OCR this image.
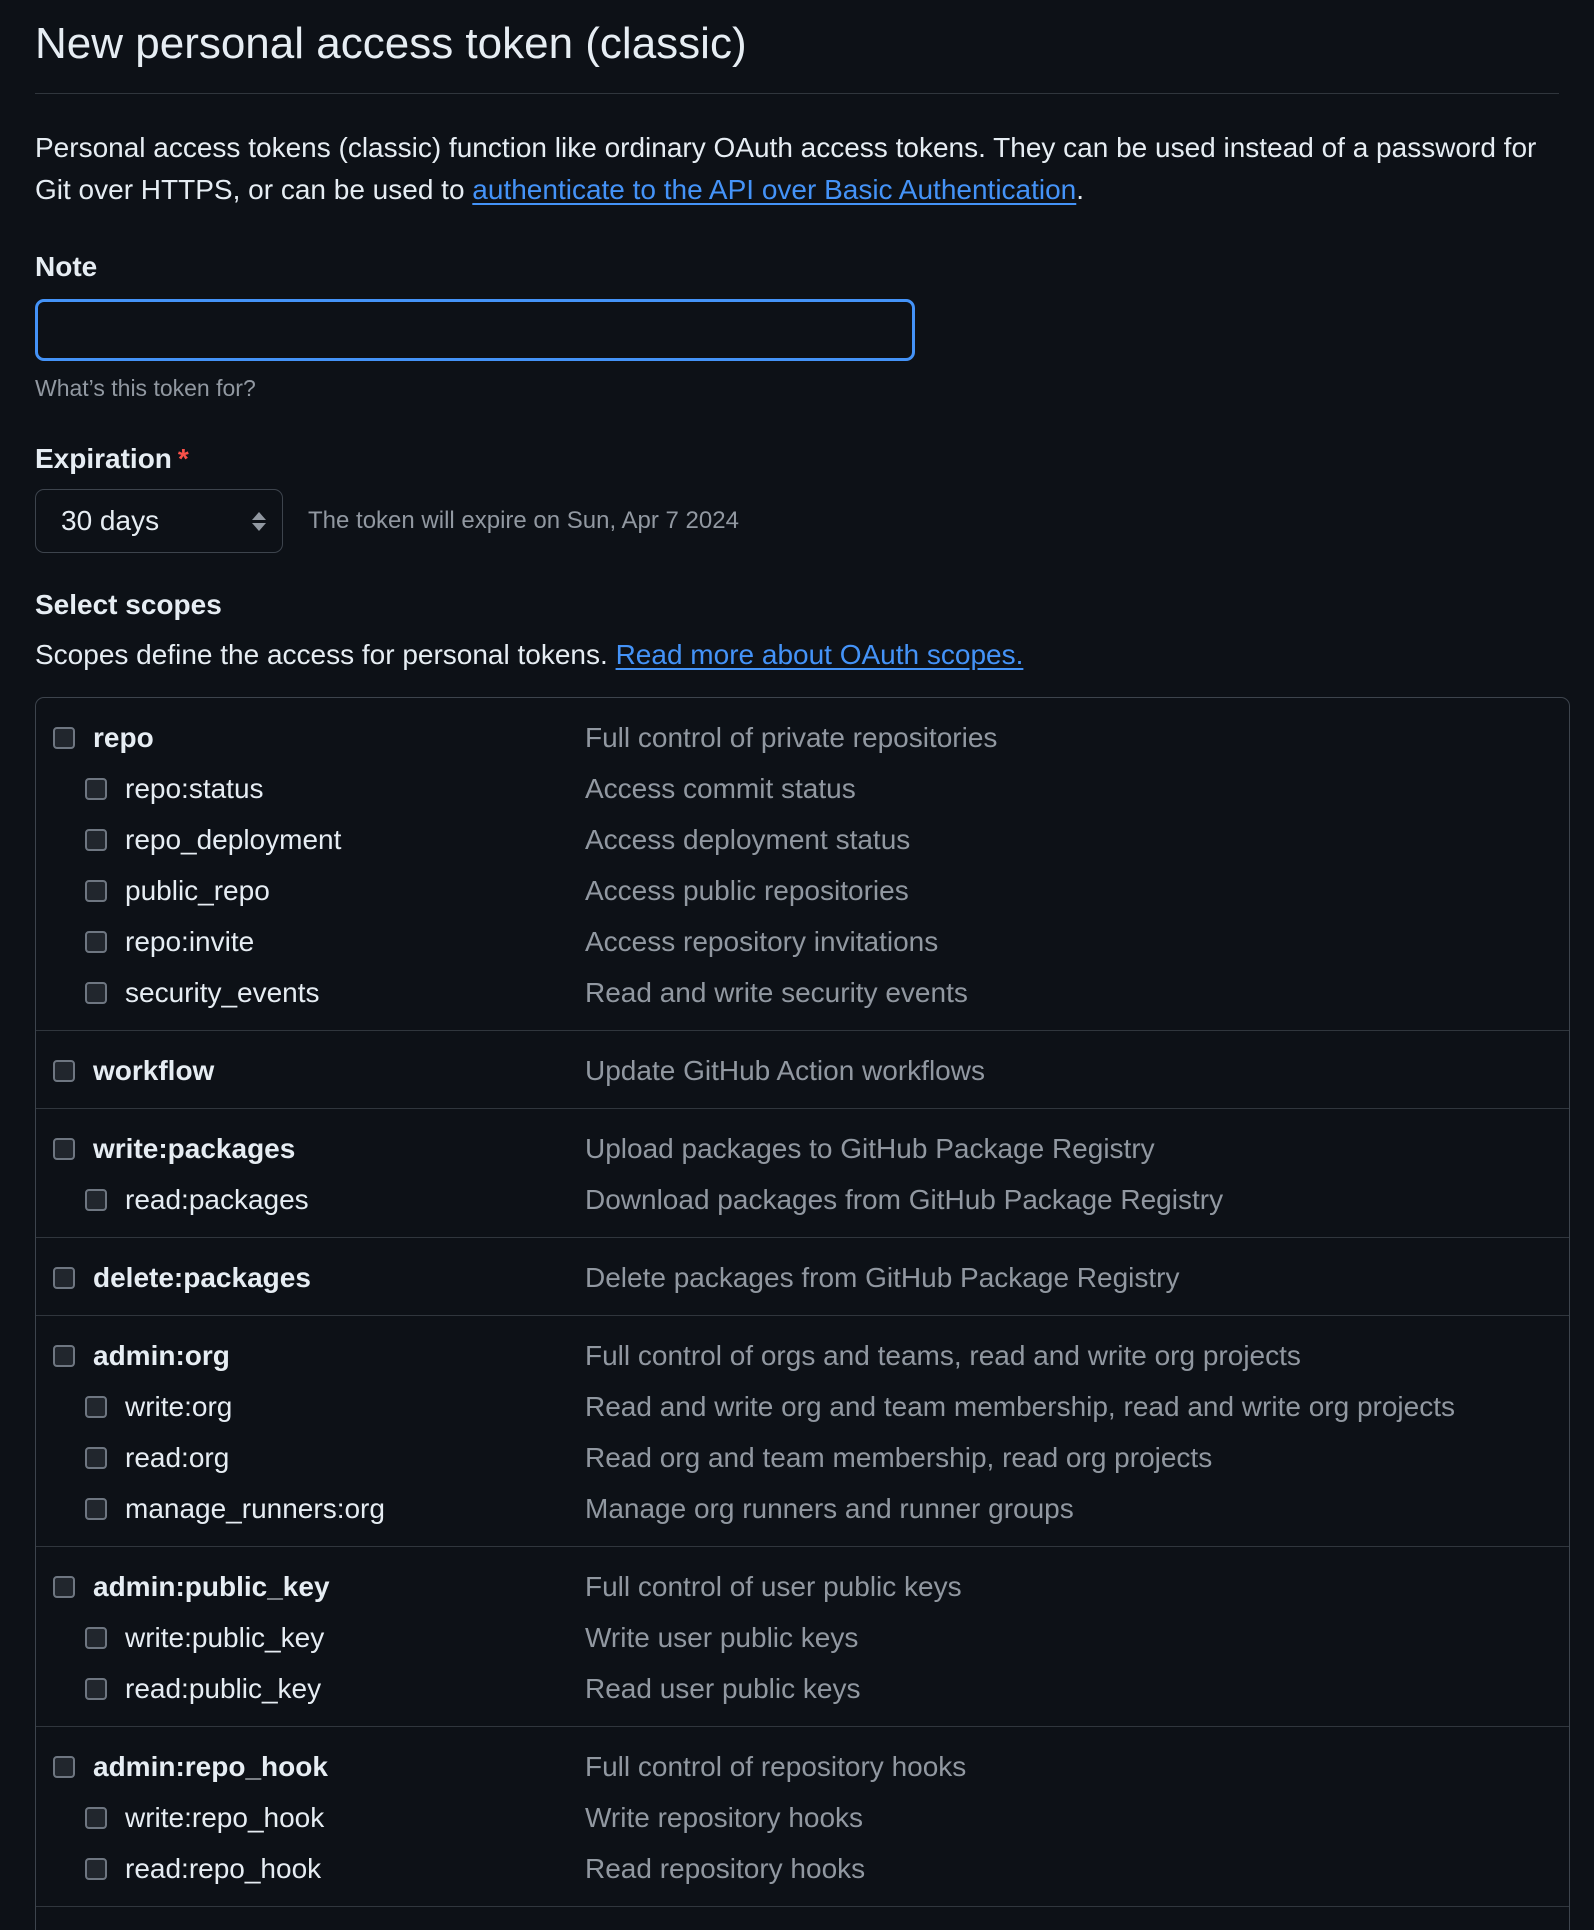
New personal access token (classic)
Personal access tokens (classic) function like ordinary OAuth access tokens. They can be used instead of a password for Git over HTTPS, or can be used to authenticate to the API over Basic Authentication.
Note
What’s this token for?
Expiration *
30 days	The token will expire on Sun, Apr 7 2024
Select scopes
Scopes define the access for personal tokens. Read more about OAuth scopes.
repo	Full control of private repositories
repo:status	Access commit status
repo_deployment	Access deployment status
public_repo	Access public repositories
repo:invite	Access repository invitations
security_events	Read and write security events
workflow	Update GitHub Action workflows
write:packages	Upload packages to GitHub Package Registry
read:packages	Download packages from GitHub Package Registry
delete:packages	Delete packages from GitHub Package Registry
admin:org	Full control of orgs and teams, read and write org projects
write:org	Read and write org and team membership, read and write org projects
read:org	Read org and team membership, read org projects
manage_runners:org	Manage org runners and runner groups
admin:public_key	Full control of user public keys
write:public_key	Write user public keys
read:public_key	Read user public keys
admin:repo_hook	Full control of repository hooks
write:repo_hook	Write repository hooks
read:repo_hook	Read repository hooks
